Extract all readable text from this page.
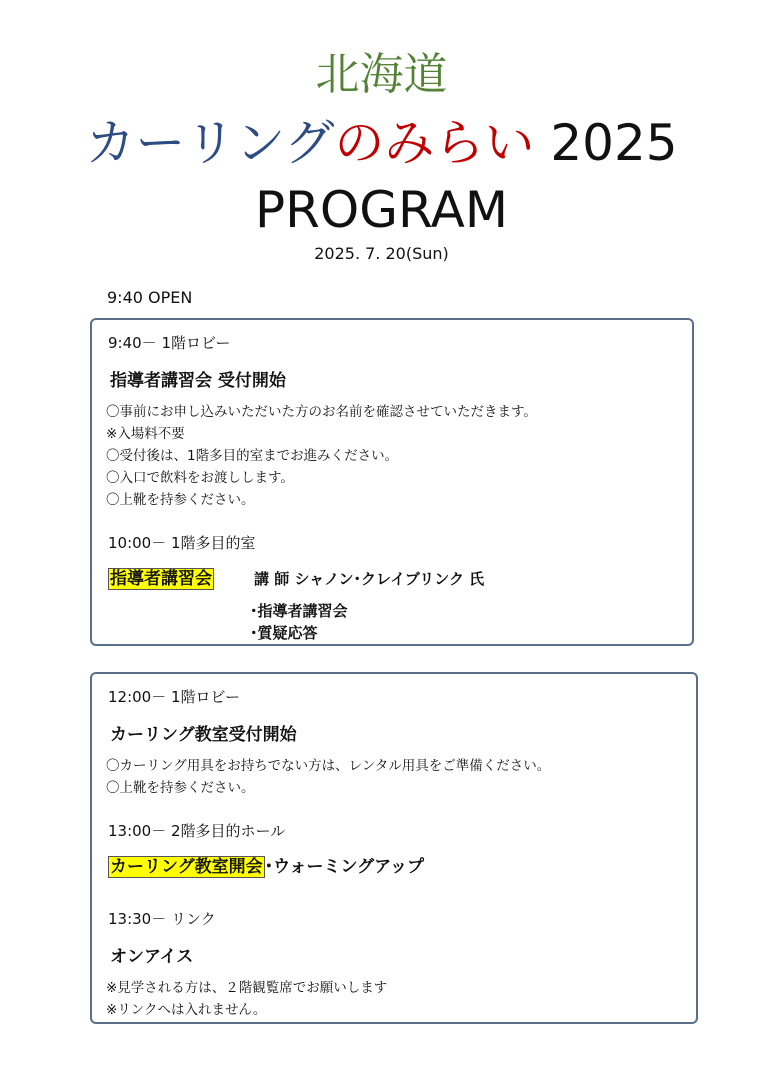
北海道
カーリングのみらい 2025
PROGRAM
2025. 7. 20(Sun)
9:40 OPEN
9:40－ 1階ロビー
指導者講習会 受付開始
〇事前にお申し込みいただいた方のお名前を確認させていただきます。
※入場料不要
〇受付後は、1階多目的室までお進みください。
〇入口で飲料をお渡しします。
〇上靴を持参ください。
10:00－ 1階多目的室
指導者講習会	講 師 シャノン･クレイブリンク 氏
･指導者講習会
･質疑応答
12:00－ 1階ロビー
カーリング教室受付開始
〇カーリング用具をお持ちでない方は、レンタル用具をご準備ください。
〇上靴を持参ください。
13:00－ 2階多目的ホール
カーリング教室開会 ･ウォーミングアップ
13:30－ リンク
オンアイス
※見学される方は、２階観覧席でお願いします
※リンクへは入れません。
